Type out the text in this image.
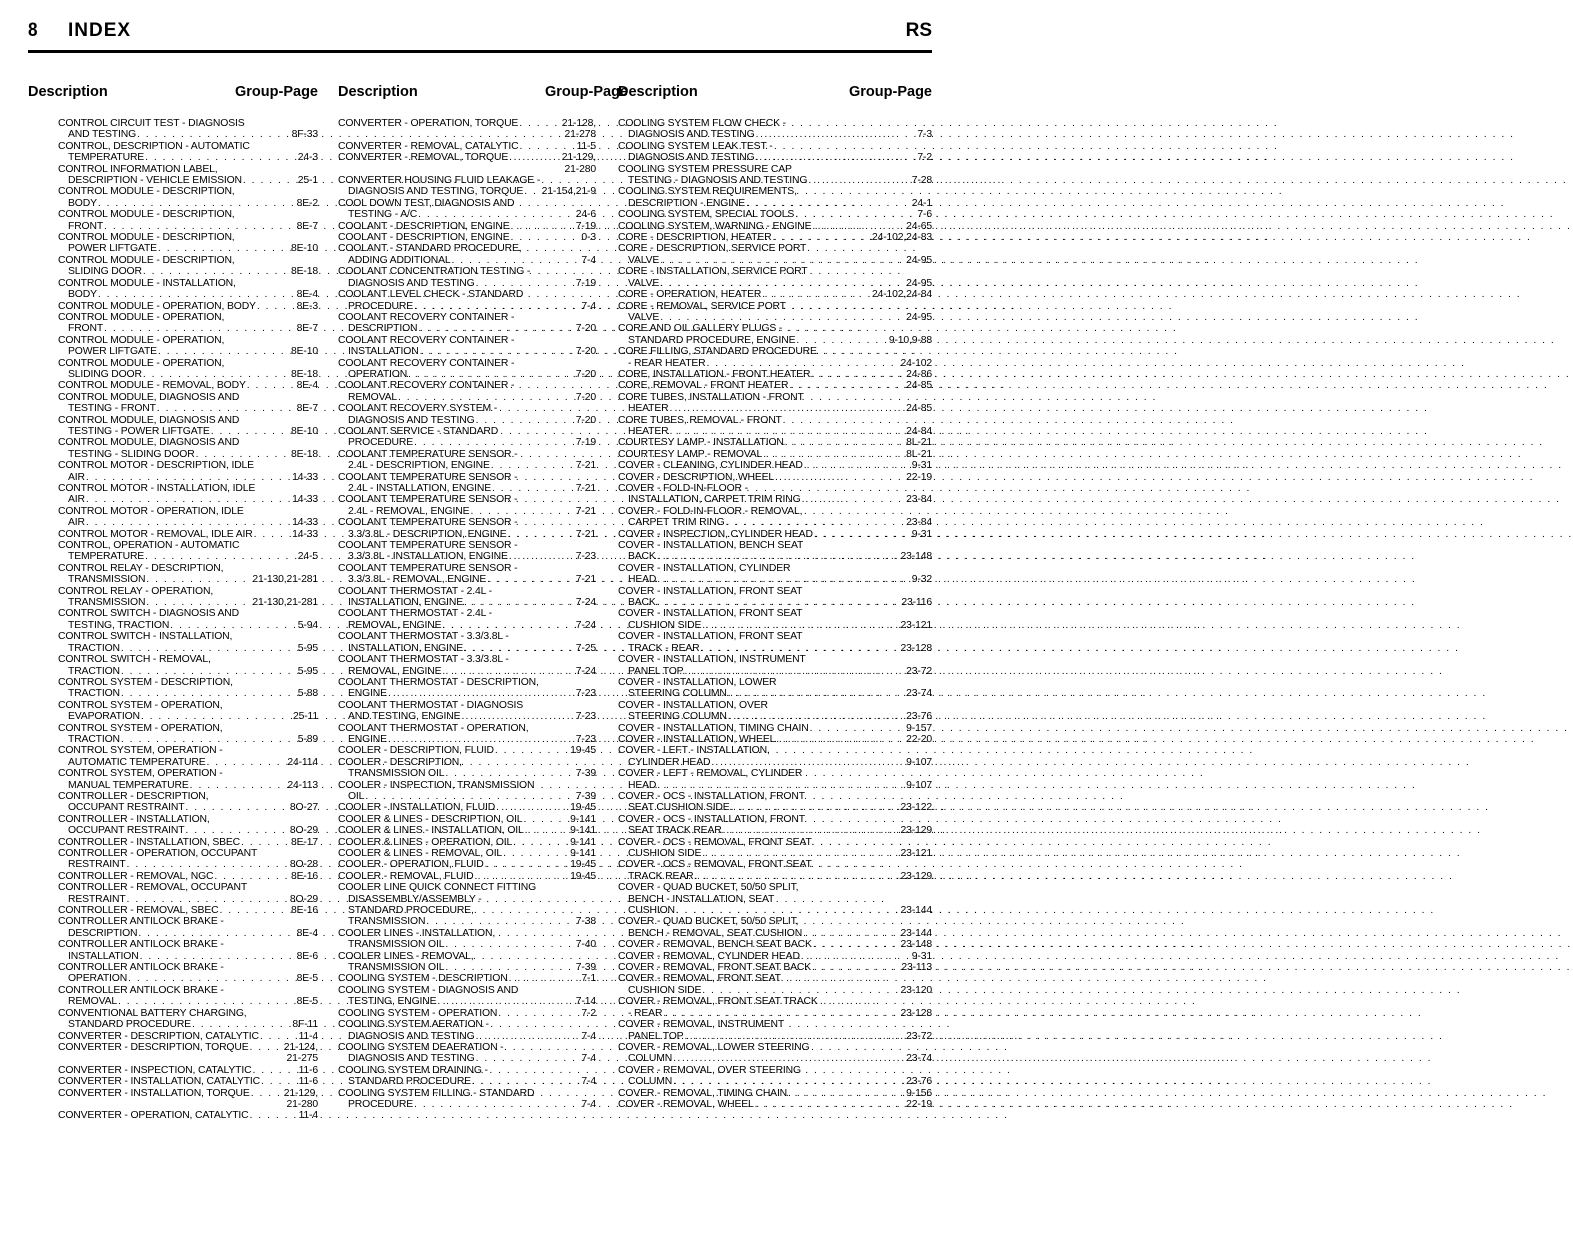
8 INDEX	RS
Description	Group-Page Description	Group-Page
Description	Group-Page
CONTROL CIRCUIT TEST - DIAGNOSIS
AND TESTING . . .	8F-33
CONTROL, DESCRIPTION - AUTOMATIC
TEMPERATURE . . .	24-3
CONTROL INFORMATION LABEL,
DESCRIPTION - VEHICLE EMISSION . . .	25-1
CONTROL MODULE - DESCRIPTION,
BODY . . .	8E-2
CONTROL MODULE - DESCRIPTION,
FRONT . . .	8E-7
CONTROL MODULE - DESCRIPTION,
POWER LIFTGATE . . .	8E-10
CONTROL MODULE - DESCRIPTION,
SLIDING DOOR . . .	8E-18
CONTROL MODULE - INSTALLATION,
BODY . . .	8E-4
CONTROL MODULE - OPERATION, BODY . . .	8E-3
CONTROL MODULE - OPERATION,
FRONT . . .	8E-7
CONTROL MODULE - OPERATION,
POWER LIFTGATE . . .	8E-10
CONTROL MODULE - OPERATION,
SLIDING DOOR . . .	8E-18
CONTROL MODULE - REMOVAL, BODY . . .	8E-4
CONTROL MODULE, DIAGNOSIS AND
TESTING - FRONT . . .	8E-7
CONTROL MODULE, DIAGNOSIS AND
TESTING - POWER LIFTGATE . . .	8E-10
CONTROL MODULE, DIAGNOSIS AND
TESTING - SLIDING DOOR . . .	8E-18
CONTROL MOTOR - DESCRIPTION, IDLE
AIR . . .	14-33
CONTROL MOTOR - INSTALLATION, IDLE
AIR . . .	14-33
CONTROL MOTOR - OPERATION, IDLE
AIR . . .	14-33
CONTROL MOTOR - REMOVAL, IDLE AIR . . .	14-33
CONTROL, OPERATION - AUTOMATIC
TEMPERATURE . . .	24-5
CONTROL RELAY - DESCRIPTION,
TRANSMISSION . . .	21-130,21-281
CONTROL RELAY - OPERATION,
TRANSMISSION . . .	21-130,21-281
CONTROL SWITCH - DIAGNOSIS AND
TESTING, TRACTION . . .	5-94
CONTROL SWITCH - INSTALLATION,
TRACTION . . .	5-95
CONTROL SWITCH - REMOVAL,
TRACTION . . .	5-95
CONTROL SYSTEM - DESCRIPTION,
TRACTION . . .	5-88
CONTROL SYSTEM - OPERATION,
EVAPORATION . . .	25-11
CONTROL SYSTEM - OPERATION,
TRACTION . . .	5-89
CONTROL SYSTEM, OPERATION -
AUTOMATIC TEMPERATURE . . .	24-114
CONTROL SYSTEM, OPERATION -
MANUAL TEMPERATURE . . .	24-113
CONTROLLER - DESCRIPTION,
OCCUPANT RESTRAINT . . .	8O-27
CONTROLLER - INSTALLATION,
OCCUPANT RESTRAINT . . .	8O-29
CONTROLLER - INSTALLATION, SBEC . . .	8E-17
CONTROLLER - OPERATION, OCCUPANT
RESTRAINT . . .	8O-28
CONTROLLER - REMOVAL, NGC . . .	8E-16
CONTROLLER - REMOVAL, OCCUPANT
RESTRAINT . . .	8O-29
CONTROLLER - REMOVAL, SBEC . . .	8E-16
CONTROLLER ANTILOCK BRAKE -
DESCRIPTION . . .	8E-4
CONTROLLER ANTILOCK BRAKE -
INSTALLATION . . .	8E-6
CONTROLLER ANTILOCK BRAKE -
OPERATION . . .	8E-5
CONTROLLER ANTILOCK BRAKE -
REMOVAL . . .	8E-5
CONVENTIONAL BATTERY CHARGING,
STANDARD PROCEDURE . . .	8F-11
CONVERTER - DESCRIPTION, CATALYTIC . . .	11-4
CONVERTER - DESCRIPTION, TORQUE . . .	21-124,
21-275
CONVERTER - INSPECTION, CATALYTIC . . .	11-6
CONVERTER - INSTALLATION, CATALYTIC . . .	11-6
CONVERTER - INSTALLATION, TORQUE . . .	21-129,
21-280
CONVERTER - OPERATION, CATALYTIC . . .	11-4
CONVERTER - OPERATION, TORQUE . . .	21-128,
21-278
CONVERTER - REMOVAL, CATALYTIC . . .	11-5
CONVERTER - REMOVAL, TORQUE . . .	21-129,
21-280
CONVERTER HOUSING FLUID LEAKAGE -
DIAGNOSIS AND TESTING, TORQUE . . . 21-154,21-9
COOL DOWN TEST, DIAGNOSIS AND
TESTING - A/C . . .	24-6
COOLANT - DESCRIPTION, ENGINE . . .	7-19
COOLANT - DESCRIPTION, ENGINE . . .	0-3
COOLANT - STANDARD PROCEDURE,
ADDING ADDITIONAL . . .	7-4
COOLANT CONCENTRATION TESTING -
DIAGNOSIS AND TESTING . . .	7-19
COOLANT LEVEL CHECK - STANDARD
PROCEDURE . . .	7-4
COOLANT RECOVERY CONTAINER -
DESCRIPTION . . .	7-20
COOLANT RECOVERY CONTAINER -
INSTALLATION . . .	7-20
COOLANT RECOVERY CONTAINER -
OPERATION . . .	7-20
COOLANT RECOVERY CONTAINER -
REMOVAL . . .	7-20
COOLANT RECOVERY SYSTEM -
DIAGNOSIS AND TESTING . . .	7-20
COOLANT SERVICE - STANDARD
PROCEDURE . . .	7-19
COOLANT TEMPERATURE SENSOR -
2.4L - DESCRIPTION, ENGINE . . .	7-21
COOLANT TEMPERATURE SENSOR -
2.4L - INSTALLATION, ENGINE . . .	7-21
COOLANT TEMPERATURE SENSOR -
2.4L - REMOVAL, ENGINE . . .	7-21
COOLANT TEMPERATURE SENSOR -
3.3/3.8L - DESCRIPTION, ENGINE . . .	7-21
COOLANT TEMPERATURE SENSOR -
3.3/3.8L - INSTALLATION, ENGINE . . .	7-23
COOLANT TEMPERATURE SENSOR -
3.3/3.8L - REMOVAL, ENGINE . . .	7-21
COOLANT THERMOSTAT - 2.4L -
INSTALLATION, ENGINE . . .	7-24
COOLANT THERMOSTAT - 2.4L -
REMOVAL, ENGINE . . .	7-24
COOLANT THERMOSTAT - 3.3/3.8L -
INSTALLATION, ENGINE . . .	7-25
COOLANT THERMOSTAT - 3.3/3.8L -
REMOVAL, ENGINE . . .	7-24
COOLANT THERMOSTAT - DESCRIPTION,
ENGINE . . .	7-23
COOLANT THERMOSTAT - DIAGNOSIS
AND TESTING, ENGINE . . .	7-23
COOLANT THERMOSTAT - OPERATION,
ENGINE . . .	7-23
COOLER - DESCRIPTION, FLUID . . .	19-45
COOLER - DESCRIPTION,
TRANSMISSION OIL . . .	7-39
COOLER - INSPECTION, TRANSMISSION
OIL . . .	7-39
COOLER - INSTALLATION, FLUID . . .	19-45
COOLER & LINES - DESCRIPTION, OIL . . .	9-141
COOLER & LINES - INSTALLATION, OIL . . .	9-141
COOLER & LINES - OPERATION, OIL . . .	9-141
COOLER & LINES - REMOVAL, OIL . . .	9-141
COOLER - OPERATION, FLUID . . .	19-45
COOLER - REMOVAL, FLUID . . .	19-45
COOLER LINE QUICK CONNECT FITTING
DISASSEMBLY/ASSEMBLY -
STANDARD PROCEDURE,
TRANSMISSION . . .	7-38
COOLER LINES - INSTALLATION,
TRANSMISSION OIL . . .	7-40
COOLER LINES - REMOVAL,
TRANSMISSION OIL . . .	7-39
COOLING SYSTEM - DESCRIPTION . . .	7-1
COOLING SYSTEM - DIAGNOSIS AND
TESTING, ENGINE . . .	7-14
COOLING SYSTEM - OPERATION . . .	7-2
COOLING SYSTEM AERATION -
DIAGNOSIS AND TESTING . . .	7-4
COOLING SYSTEM DEAERATION -
DIAGNOSIS AND TESTING . . .	7-4
COOLING SYSTEM DRAINING -
STANDARD PROCEDURE . . .	7-4
COOLING SYSTEM FILLING - STANDARD
PROCEDURE . . .	7-4
COOLING SYSTEM FLOW CHECK -
DIAGNOSIS AND TESTING . . .	7-3
COOLING SYSTEM LEAK TEST -
DIAGNOSIS AND TESTING . . .	7-2
COOLING SYSTEM PRESSURE CAP
TESTING - DIAGNOSIS AND TESTING . . .	7-28
COOLING SYSTEM REQUIREMENTS,
DESCRIPTION - ENGINE . . .	24-1
COOLING SYSTEM, SPECIAL TOOLS . . .	7-6
COOLING SYSTEM, WARNING - ENGINE . . .	24-65
CORE - DESCRIPTION, HEATER . . .	24-102,24-83
CORE - DESCRIPTION, SERVICE PORT
VALVE . . .	24-95
CORE - INSTALLATION, SERVICE PORT
VALVE . . .	24-95
CORE - OPERATION, HEATER . . .	24-102,24-84
CORE - REMOVAL, SERVICE PORT
VALVE . . .	24-95
CORE AND OIL GALLERY PLUGS -
STANDARD PROCEDURE, ENGINE . . .	9-10,9-88
CORE FILLING, STANDARD PROCEDURE
- REAR HEATER . . .	24-102
CORE, INSTALLATION - FRONT HEATER . . .	24-86
CORE, REMOVAL - FRONT HEATER . . .	24-85
CORE TUBES, INSTALLATION - FRONT
HEATER . . .	24-85
CORE TUBES, REMOVAL - FRONT
HEATER . . .	24-84
COURTESY LAMP - INSTALLATION . . .	8L-21
COURTESY LAMP - REMOVAL . . .	8L-21
COVER - CLEANING, CYLINDER HEAD . . .	9-31
COVER - DESCRIPTION, WHEEL . . .	22-19
COVER - FOLD-IN-FLOOR -
INSTALLATION, CARPET TRIM RING . . .	23-84
COVER - FOLD-IN-FLOOR - REMOVAL,
CARPET TRIM RING . . .	23-84
COVER - INSPECTION, CYLINDER HEAD . . .	9-31
COVER - INSTALLATION, BENCH SEAT
BACK . . .	23-148
COVER - INSTALLATION, CYLINDER
HEAD . . .	9-32
COVER - INSTALLATION, FRONT SEAT
BACK . . .	23-116
COVER - INSTALLATION, FRONT SEAT
CUSHION SIDE . . .	23-121
COVER - INSTALLATION, FRONT SEAT
TRACK - REAR . . .	23-128
COVER - INSTALLATION, INSTRUMENT
PANEL TOP . . .	23-72
COVER - INSTALLATION, LOWER
STEERING COLUMN . . .	23-74
COVER - INSTALLATION, OVER
STEERING COLUMN . . .	23-76
COVER - INSTALLATION, TIMING CHAIN . . .	9-157
COVER - INSTALLATION, WHEEL . . .	22-20
COVER - LEFT - INSTALLATION,
CYLINDER HEAD . . .	9-107
COVER - LEFT - REMOVAL, CYLINDER
HEAD . . .	9-107
COVER - OCS - INSTALLATION, FRONT
SEAT CUSHION SIDE . . .	23-122
COVER - OCS - INSTALLATION, FRONT
SEAT TRACK REAR . . .	23-129
COVER - OCS - REMOVAL, FRONT SEAT
CUSHION SIDE . . .	23-121
COVER - OCS - REMOVAL, FRONT SEAT
TRACK REAR . . .	23-129
COVER - QUAD BUCKET, 50/50 SPLIT,
BENCH - INSTALLATION, SEAT
CUSHION . . .	23-144
COVER - QUAD BUCKET, 50/50 SPLIT,
BENCH - REMOVAL, SEAT CUSHION . . .	23-144
COVER - REMOVAL, BENCH SEAT BACK . . .	23-148
COVER - REMOVAL, CYLINDER HEAD . . .	9-31
COVER - REMOVAL, FRONT SEAT BACK . . .	23-113
COVER - REMOVAL, FRONT SEAT
CUSHION SIDE . . .	23-120
COVER - REMOVAL, FRONT SEAT TRACK
- REAR . . .	23-128
COVER - REMOVAL, INSTRUMENT
PANEL TOP . . .	23-72
COVER - REMOVAL, LOWER STEERING
COLUMN . . .	23-74
COVER - REMOVAL, OVER STEERING
COLUMN . . .	23-76
COVER - REMOVAL, TIMING CHAIN . . .	9-156
COVER - REMOVAL, WHEEL . . .	22-19
